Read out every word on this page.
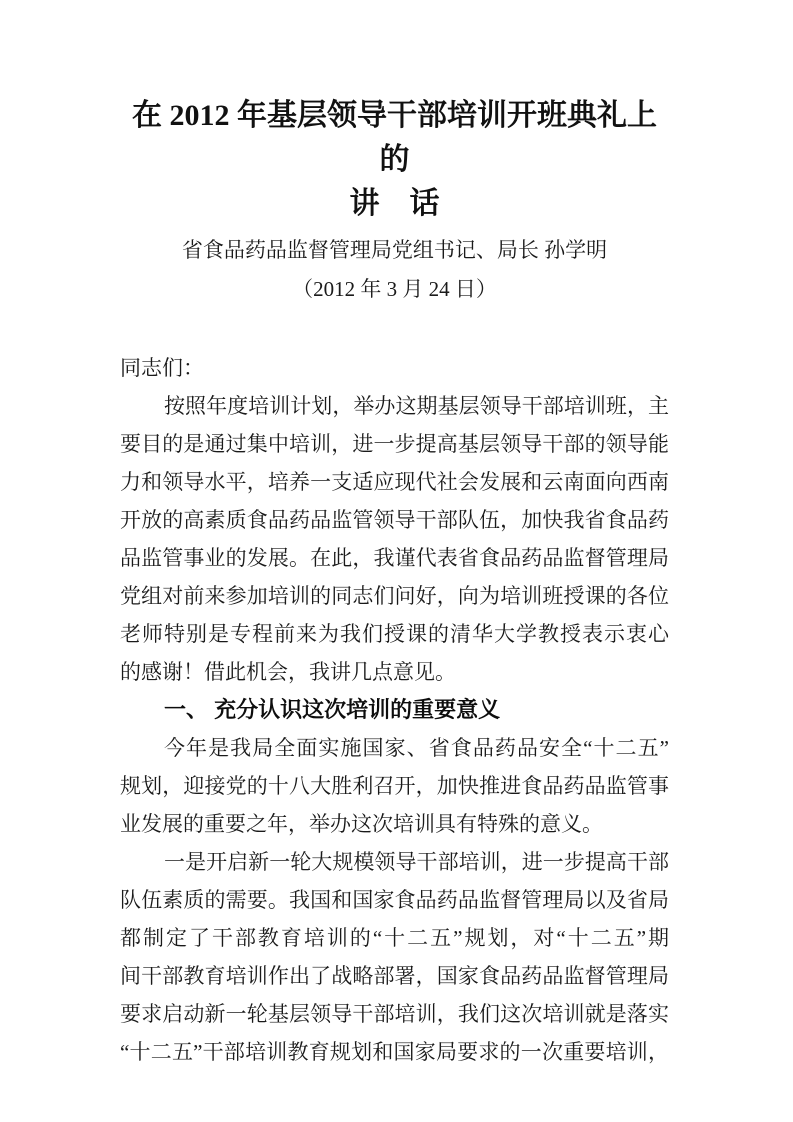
在 2012 年基层领导干部培训开班典礼上的
讲　话
省食品药品监督管理局党组书记、局长 孙学明
（2012 年 3 月 24 日）
同志们：
按照年度培训计划，举办这期基层领导干部培训班，主
要目的是通过集中培训，进一步提高基层领导干部的领导能
力和领导水平，培养一支适应现代社会发展和云南面向西南
开放的高素质食品药品监管领导干部队伍，加快我省食品药
品监管事业的发展。在此，我谨代表省食品药品监督管理局
党组对前来参加培训的同志们问好，向为培训班授课的各位
老师特别是专程前来为我们授课的清华大学教授表示衷心
的感谢！借此机会，我讲几点意见。
一、 充分认识这次培训的重要意义
今年是我局全面实施国家、省食品药品安全“十二五”
规划，迎接党的十八大胜利召开，加快推进食品药品监管事
业发展的重要之年，举办这次培训具有特殊的意义。
一是开启新一轮大规模领导干部培训，进一步提高干部
队伍素质的需要。我国和国家食品药品监督管理局以及省局
都制定了干部教育培训的“十二五”规划，对“十二五”期
间干部教育培训作出了战略部署，国家食品药品监督管理局
要求启动新一轮基层领导干部培训，我们这次培训就是落实
“十二五”干部培训教育规划和国家局要求的一次重要培训，
